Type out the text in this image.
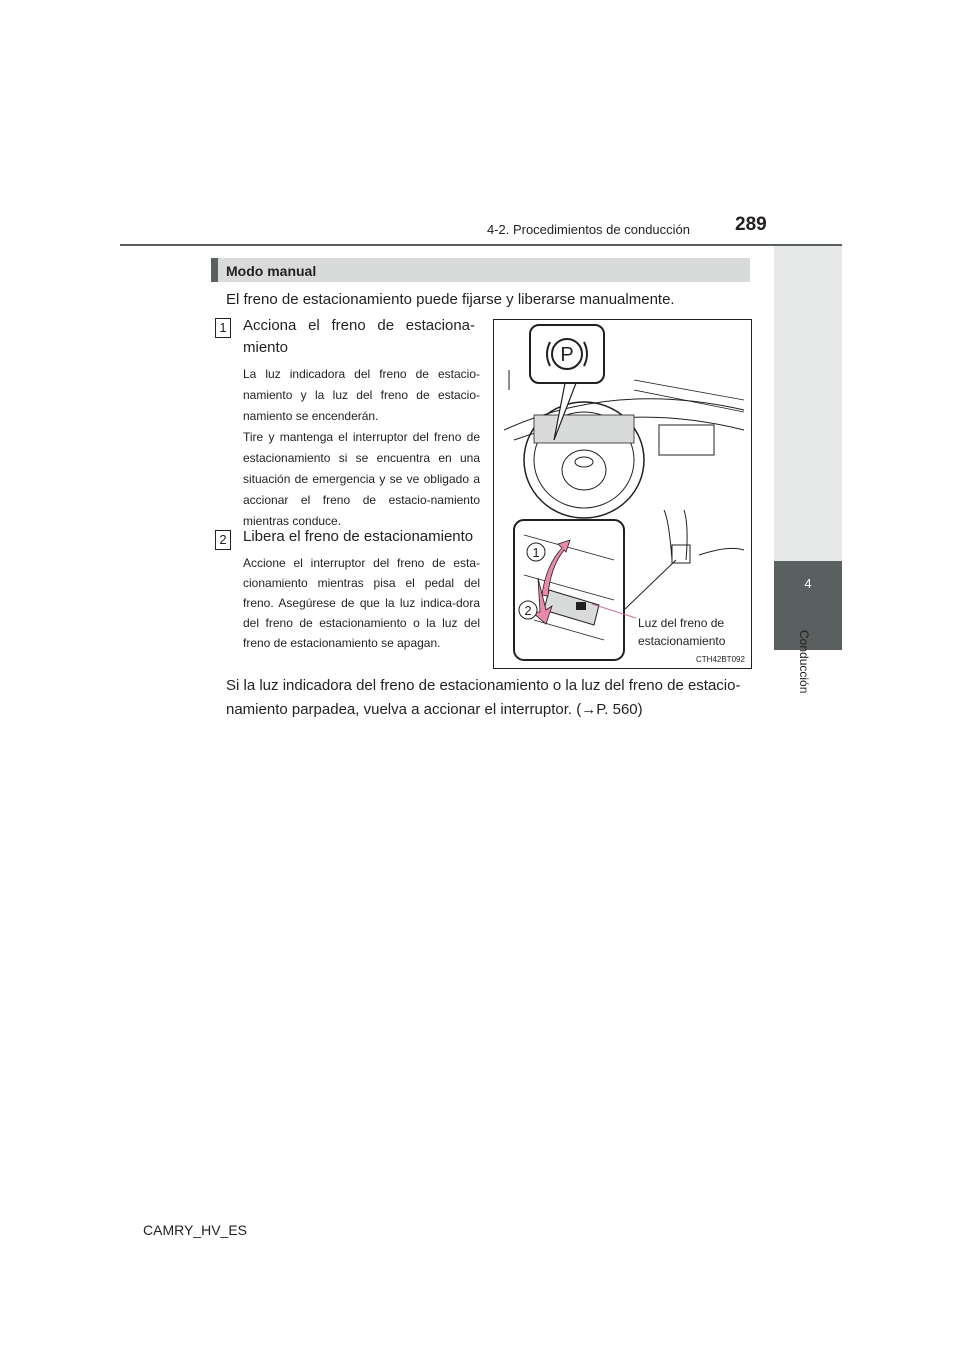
4-2. Procedimientos de conducción 289
4
Conducción
Modo manual
El freno de estacionamiento puede fijarse y liberarse manualmente.
1 Acciona el freno de estaciona-miento
La luz indicadora del freno de estacio-namiento y la luz del freno de estacio-namiento se encenderán.
Tire y mantenga el interruptor del freno de estacionamiento si se encuentra en una situación de emergencia y se ve obligado a accionar el freno de estacio-namiento mientras conduce.
2 Libera el freno de estacionamiento
Accione el interruptor del freno de esta-cionamiento mientras pisa el pedal del freno. Asegúrese de que la luz indica-dora del freno de estacionamiento o la luz del freno de estacionamiento se apagan.
Si la luz indicadora del freno de estacionamiento o la luz del freno de estacio-namiento parpadea, vuelva a accionar el interruptor. (→P. 560)
P
1
2
Luz del freno de estacionamiento
CTH42BT092
CAMRY_HV_ES
